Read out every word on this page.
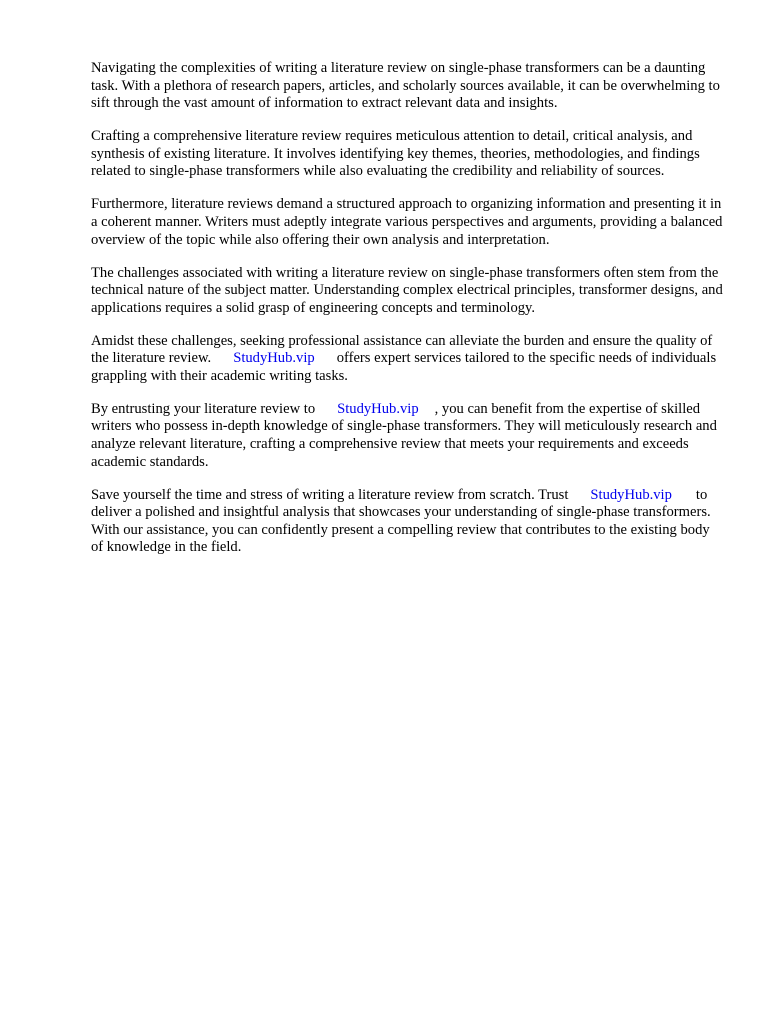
Navigating the complexities of writing a literature review on single-phase transformers can be a daunting task. With a plethora of research papers, articles, and scholarly sources available, it can be overwhelming to sift through the vast amount of information to extract relevant data and insights.

Crafting a comprehensive literature review requires meticulous attention to detail, critical analysis, and synthesis of existing literature. It involves identifying key themes, theories, methodologies, and findings related to single-phase transformers while also evaluating the credibility and reliability of sources.

Furthermore, literature reviews demand a structured approach to organizing information and presenting it in a coherent manner. Writers must adeptly integrate various perspectives and arguments, providing a balanced overview of the topic while also offering their own analysis and interpretation.

The challenges associated with writing a literature review on single-phase transformers often stem from the technical nature of the subject matter. Understanding complex electrical principles, transformer designs, and applications requires a solid grasp of engineering concepts and terminology.

Amidst these challenges, seeking professional assistance can alleviate the burden and ensure the quality of the literature review. StudyHub.vip offers expert services tailored to the specific needs of individuals grappling with their academic writing tasks.

By entrusting your literature review to StudyHub.vip , you can benefit from the expertise of skilled writers who possess in-depth knowledge of single-phase transformers. They will meticulously research and analyze relevant literature, crafting a comprehensive review that meets your requirements and exceeds academic standards.

Save yourself the time and stress of writing a literature review from scratch. Trust StudyHub.vip to deliver a polished and insightful analysis that showcases your understanding of single-phase transformers. With our assistance, you can confidently present a compelling review that contributes to the existing body of knowledge in the field.
